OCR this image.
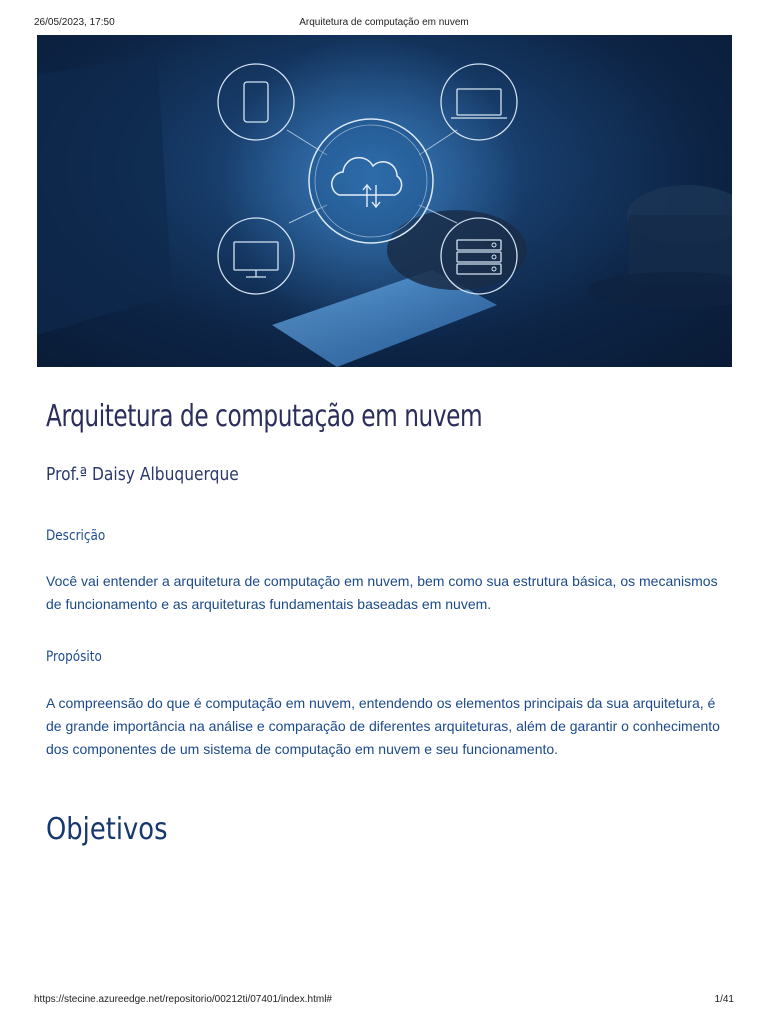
26/05/2023, 17:50	Arquitetura de computação em nuvem
Arquitetura de computação em nuvem
Prof.ª Daisy Albuquerque
Descrição

Você vai entender a arquitetura de computação em nuvem, bem como sua estrutura básica, os mecanismos de funcionamento e as arquiteturas fundamentais baseadas em nuvem.

Propósito

A compreensão do que é computação em nuvem, entendendo os elementos principais da sua arquitetura, é de grande importância na análise e comparação de diferentes arquiteturas, além de garantir o conhecimento dos componentes de um sistema de computação em nuvem e seu funcionamento.

Objetivos
https://stecine.azureedge.net/repositorio/00212ti/07401/index.html#	1/41
